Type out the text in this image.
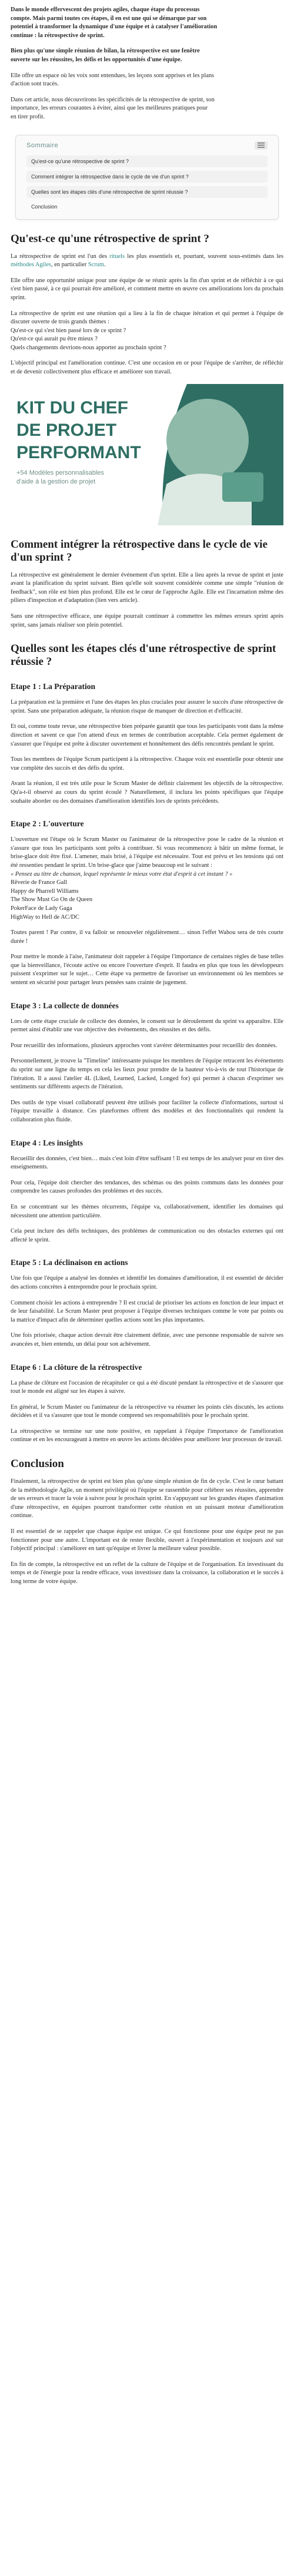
Dans le monde effervescent des projets agiles, chaque étape du processus
compte. Mais parmi toutes ces étapes, il en est une qui se démarque par son
potentiel à transformer la dynamique d'une équipe et à catalyser l'amélioration
continue : la rétrospective de sprint.

Bien plus qu'une simple réunion de bilan, la rétrospective est une fenêtre
ouverte sur les réussites, les défis et les opportunités d'une équipe.

Elle offre un espace où les voix sont entendues, les leçons sont apprises et les plans
d'action sont tracés.

Dans cet article, nous découvrirons les spécificités de la rétrospective de sprint, son
importance, les erreurs courantes à éviter, ainsi que les meilleures pratiques pour
en tirer profit.

Sommaire
Qu'est-ce qu'une rétrospective de sprint ?
Comment intégrer la rétrospective dans le cycle de vie d'un sprint ?
Quelles sont les étapes clés d'une rétrospective de sprint réussie ?
Conclusion
Qu'est-ce qu'une rétrospective de sprint ?

La rétrospective de sprint est l'un des rituels les plus essentiels et, pourtant, souvent sous-estimés dans les méthodes Agiles, en particulier Scrum.

Elle offre une opportunité unique pour une équipe de se réunir après la fin d'un sprint et de réfléchir à ce qui s'est bien passé, à ce qui pourrait être amélioré, et comment mettre en œuvre ces améliorations lors du prochain sprint.

La rétrospective de sprint est une réunion qui a lieu à la fin de chaque itération et qui permet à l'équipe de discuter ouverte de trois grands thèmes :

Qu'est-ce qui s'est bien passé lors de ce sprint ?

Qu'est-ce qui aurait pu être mieux ?

Quels changements devrions-nous apporter au prochain sprint ?

L'objectif principal est l'amélioration continue. C'est une occasion en or pour l'équipe de s'arrêter, de réfléchir et de devenir collectivement plus efficace et améliorer son travail.

KIT DU CHEF
DE PROJET
PERFORMANT
+54 Modèles personnalisables
d'aide à la gestion de projet
Comment intégrer la rétrospective dans le cycle de vie d'un sprint ?

La rétrospective est généralement le dernier événement d'un sprint. Elle a lieu après la revue de sprint et juste avant la planification du sprint suivant. Bien qu'elle soit souvent considérée comme une simple "réunion de feedback", son rôle est bien plus profond. Elle est le cœur de l'approche Agile. Elle est l'incarnation même des piliers d'inspection et d'adaptation (lien vers article).

Sans une rétrospective efficace, une équipe pourrait continuer à commettre les mêmes erreurs sprint après sprint, sans jamais réaliser son plein potentiel.

Quelles sont les étapes clés d'une rétrospective de sprint réussie ?
Etape 1 : La Préparation

La préparation est la première et l'une des étapes les plus cruciales pour assurer le succès d'une rétrospective de sprint. Sans une préparation adéquate, la réunion risque de manquer de direction et d'efficacité.

Et oui, comme toute revue, une rétrospective bien préparée garantit que tous les participants vont dans la même direction et savent ce que l'on attend d'eux en termes de contribution acceptable. Cela permet également de s'assurer que l'équipe est prête à discuter ouvertement et honnêtement des défis rencontrés pendant le sprint.

Tous les membres de l'équipe Scrum participent à la rétrospective. Chaque voix est essentielle pour obtenir une vue complète des succès et des défis du sprint.

Avant la réunion, il est très utile pour le Scrum Master de définir clairement les objectifs de la rétrospective. Qu'a-t-il observé au cours du sprint écoulé ? Naturellement, il inclura les points spécifiques que l'équipe souhaite aborder ou des domaines d'amélioration identifiés lors de sprints précédents.

Etape 2 : L'ouverture

L'ouverture est l'étape où le Scrum Master ou l'animateur de la rétrospective pose le cadre de la réunion et s'assure que tous les participants sont prêts à contribuer. Si vous recommencez à bâtir un même format, le brise-glace doit être fixé. L'amener, mais brisé, à l'équipe est nécessaire. Tout est prévu et les tensions qui ont été ressenties pendant le sprint. Un brise-glace que j'aime beaucoup est le suivant :

« Pensez au titre de chanson, lequel représente le mieux votre état d'esprit à cet instant ? »

Rêverie de France Gall

Happy de Pharrell Williams

The Show Must Go On de Queen

PokerFace de Lady Gaga

HighWay to Hell de AC/DC

Toutes parent ! Par contre, il va falloir se renouveler régulièrement… sinon l'effet Wahou sera de très courte durée !

Pour mettre le monde à l'aise, l'animateur doit rappeler à l'équipe l'importance de certaines règles de base telles que la bienveillance, l'écoute active ou encore l'ouverture d'esprit. Il faudra en plus que tous les développeurs puissent s'exprimer sur le sujet… Cette étape va permettre de favoriser un environnement où les membres se sentent en sécurité pour partager leurs pensées sans crainte de jugement.

Etape 3 : La collecte de données

Lors de cette étape cruciale de collecte des données, le consent sur le déroulement du sprint va apparaître. Elle permet ainsi d'établir une vue objective des événements, des réussites et des défis.

Pour recueillir des informations, plusieurs approches vont s'avérer déterminantes pour recueillir des données.

Personnellement, je trouve la "Timeline" intéressante puisque les membres de l'équipe retracent les événements du sprint sur une ligne du temps en cela les lieux pour prendre de la hauteur vis-à-vis de tout l'historique de l'itération. Il a aussi l'atelier 4L (Liked, Learned, Lacked, Longed for) qui permet à chacun d'exprimer ses sentiments sur différents aspects de l'itération.

Des outils de type visuel collaboratif peuvent être utilisés pour faciliter la collecte d'informations, surtout si l'équipe travaille à distance. Ces plateformes offrent des modèles et des fonctionnalités qui rendent la collaboration plus fluide.

Etape 4 : Les insights

Recueillir des données, c'est bien… mais c'est loin d'être suffisant ! Il est temps de les analyser pour en tirer des enseignements.

Pour cela, l'équipe doit chercher des tendances, des schémas ou des points communs dans les données pour comprendre les causes profondes des problèmes et des succès.

En se concentrant sur les thèmes récurrents, l'équipe va, collaborativement, identifier les domaines qui nécessitent une attention particulière.

Cela peut inclure des défis techniques, des problèmes de communication ou des obstacles externes qui ont affecté le sprint.

Etape 5 : La déclinaison en actions

Une fois que l'équipe a analysé les données et identifié les domaines d'amélioration, il est essentiel de décider des actions concrètes à entreprendre pour le prochain sprint.

Comment choisir les actions à entreprendre ? Il est crucial de prioriser les actions en fonction de leur impact et de leur faisabilité. Le Scrum Master peut proposer à l'équipe diverses techniques comme le vote par points ou la matrice d'impact afin de déterminer quelles actions sont les plus importantes.

Une fois priorisée, chaque action devrait être clairement définie, avec une personne responsable de suivre ses avancées et, bien entendu, un délai pour son achèvement.

Etape 6 : La clôture de la rétrospective

La phase de clôture est l'occasion de récapituler ce qui a été discuté pendant la rétrospective et de s'assurer que tout le monde est aligné sur les étapes à suivre.

En général, le Scrum Master ou l'animateur de la rétrospective va résumer les points clés discutés, les actions décidées et il va s'assurer que tout le monde comprend ses responsabilités pour le prochain sprint.

La rétrospective se termine sur une note positive, en rappelant à l'équipe l'importance de l'amélioration continue et en les encourageant à mettre en œuvre les actions décidées pour améliorer leur processus de travail.

Conclusion

Finalement, la rétrospective de sprint est bien plus qu'une simple réunion de fin de cycle. C'est le cœur battant de la méthodologie Agile, un moment privilégié où l'équipe se rassemble pour célébrer ses réussites, apprendre de ses erreurs et tracer la voie à suivre pour le prochain sprint. En s'appuyant sur les grandes étapes d'animation d'une rétrospective, en équipes pourront transformer cette réunion en un puissant moteur d'amélioration continue.

Il est essentiel de se rappeler que chaque équipe est unique. Ce qui fonctionne pour une équipe peut ne pas fonctionner pour une autre. L'important est de rester flexible, ouvert à l'expérimentation et toujours axé sur l'objectif principal : s'améliorer en tant qu'équipe et livrer la meilleure valeur possible.

En fin de compte, la rétrospective est un reflet de la culture de l'équipe et de l'organisation. En investissant du temps et de l'énergie pour la rendre efficace, vous investissez dans la croissance, la collaboration et le succès à long terme de votre équipe.
